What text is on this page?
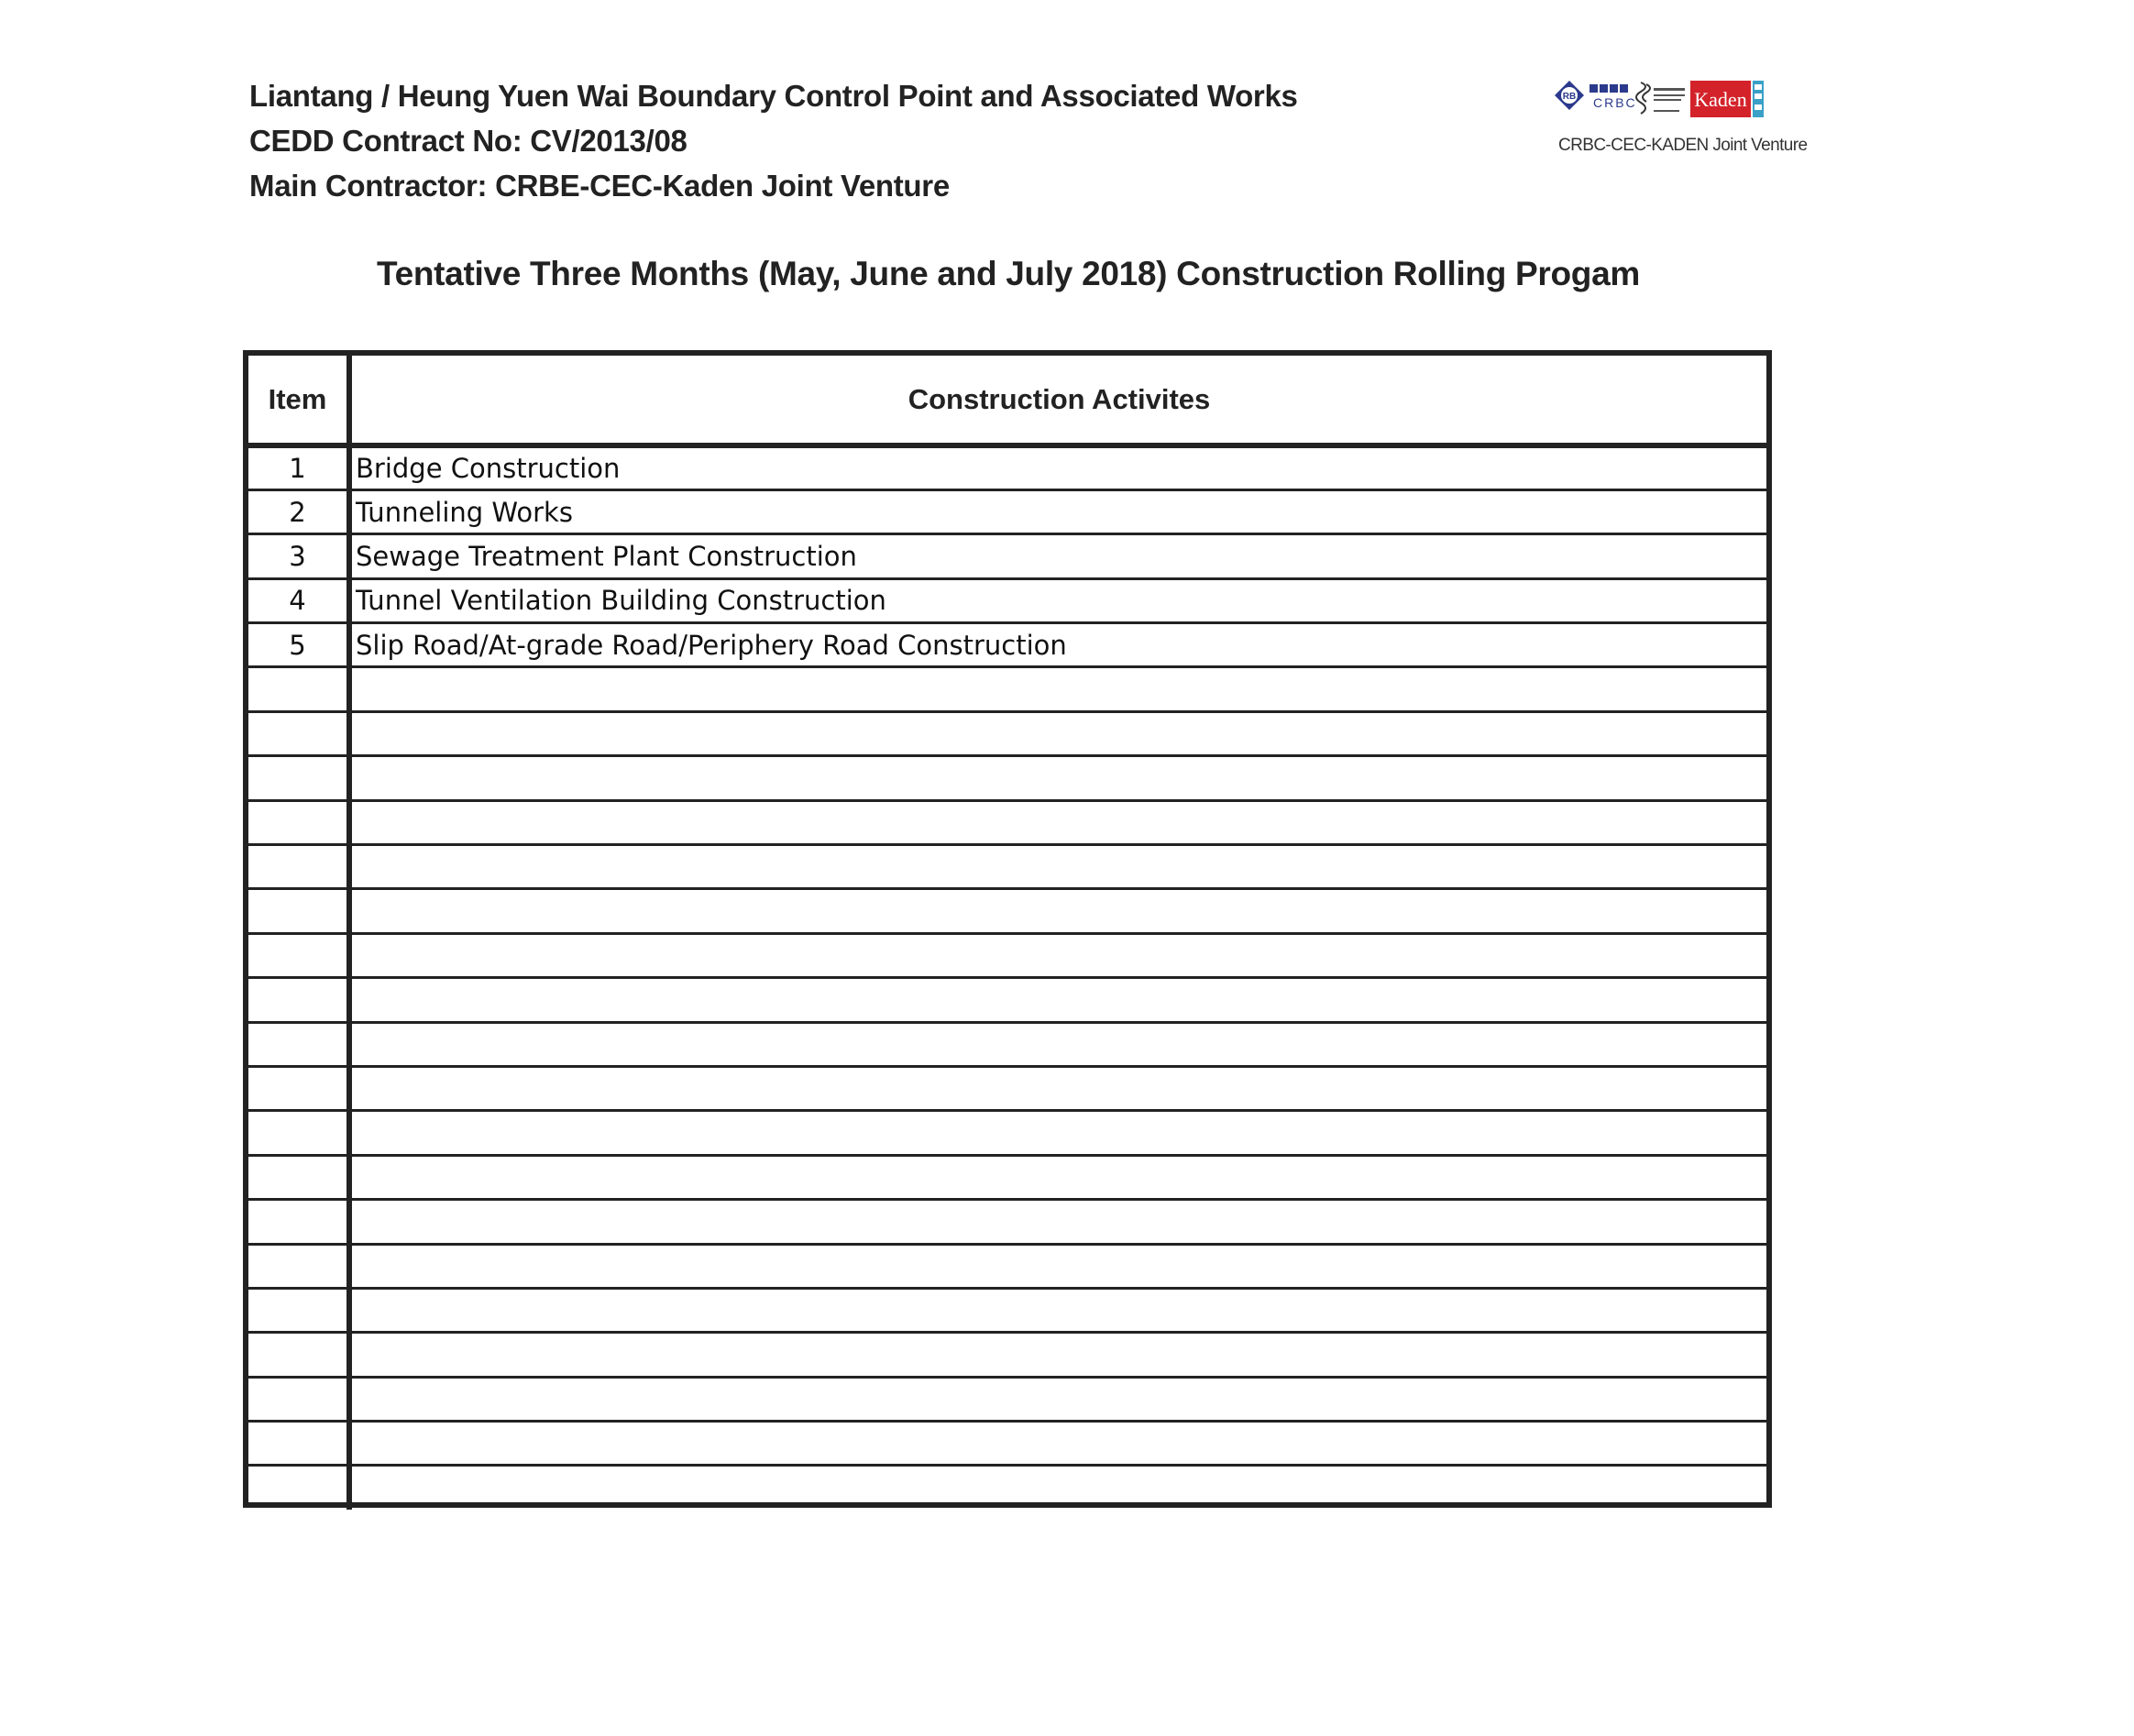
Liantang / Heung Yuen Wai Boundary Control Point and Associated Works
CEDD Contract No: CV/2013/08
Main Contractor: CRBE-CEC-Kaden Joint Venture
RB CRBC	Kaden
CRBC-CEC-KADEN Joint Venture
Tentative Three Months (May, June and July 2018) Construction Rolling Progam
Item	Construction Activites
1	Bridge Construction
2	Tunneling Works
3	Sewage Treatment Plant Construction
4	Tunnel Ventilation Building Construction
5	Slip Road/At-grade Road/Periphery Road Construction
